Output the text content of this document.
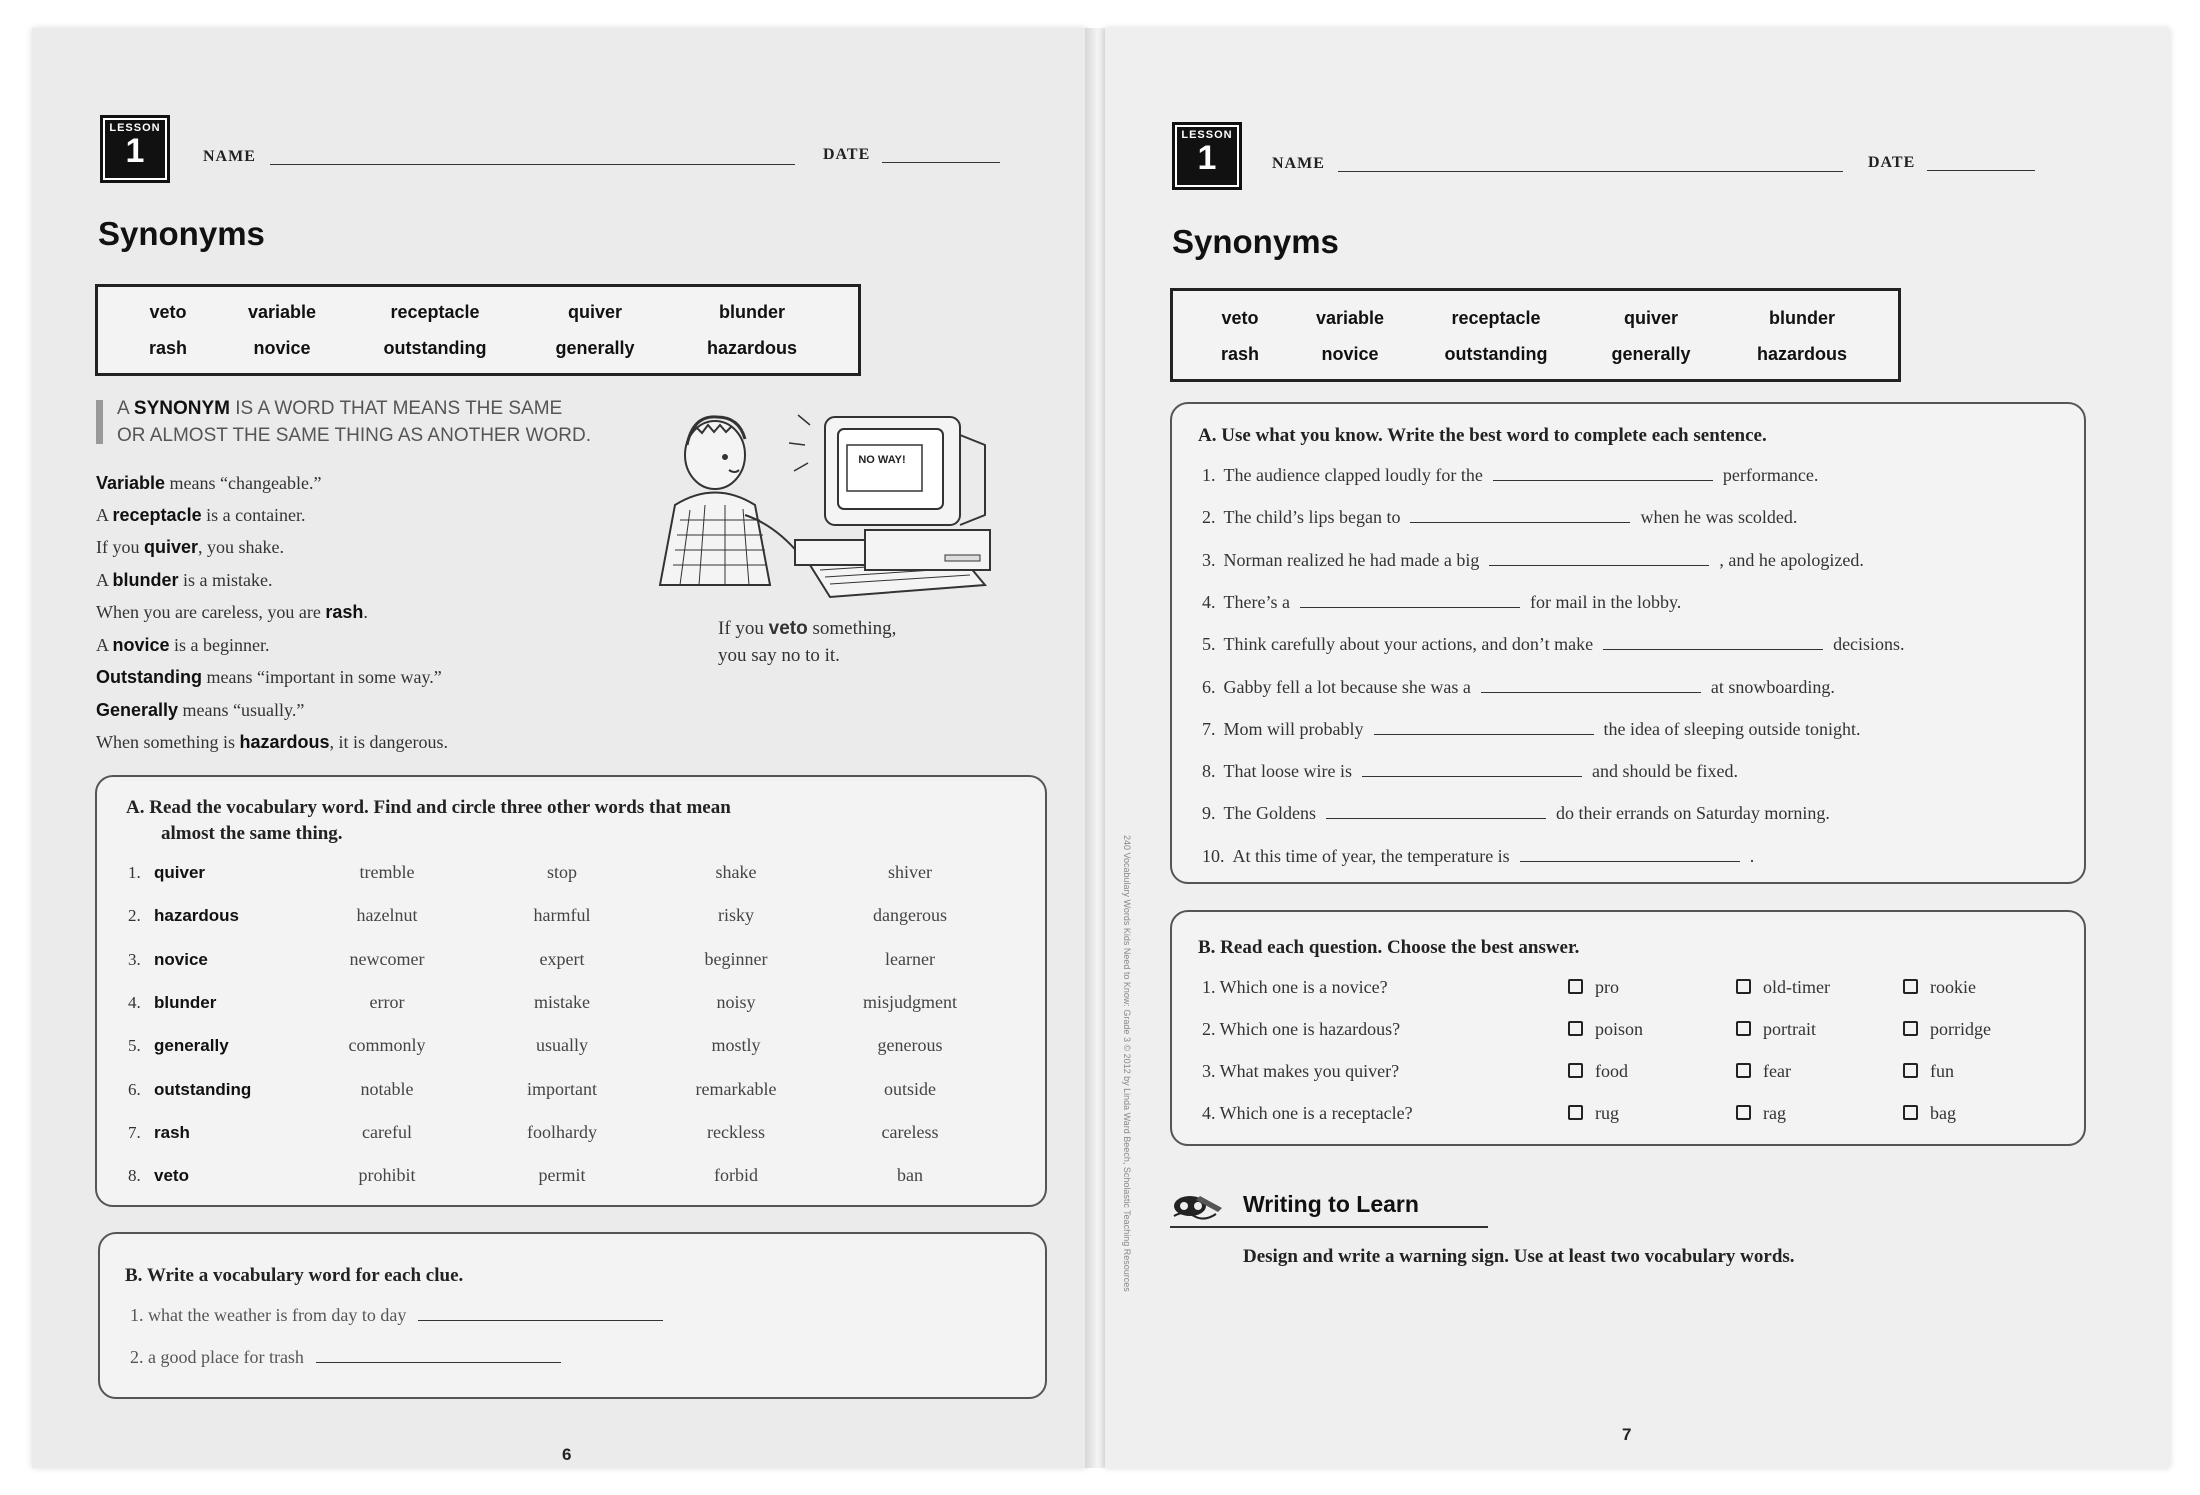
LESSON
1	NAME	DATE
Synonyms
veto	variable	receptacle	quiver	blunder
rash	novice	outstanding	generally	hazardous
A SYNONYM IS A WORD THAT MEANS THE SAME
OR ALMOST THE SAME THING AS ANOTHER WORD.
Variable means “changeable.”
A receptacle is a container.
If you quiver, you shake.
A blunder is a mistake.
When you are careless, you are rash.
A novice is a beginner.
Outstanding means “important in some way.”
Generally means “usually.”
When something is hazardous, it is dangerous.
NO WAY!
If you veto something,
you say no to it.
A. Read the vocabulary word. Find and circle three other words that mean
almost the same thing.
1. quiver	tremble	stop	shake	shiver
2. hazardous	hazelnut	harmful	risky	dangerous
3. novice	newcomer	expert	beginner	learner
4. blunder	error	mistake	noisy	misjudgment
5. generally	commonly	usually	mostly	generous
6. outstanding	notable	important	remarkable	outside
7. rash	careful	foolhardy	reckless	careless
8. veto	prohibit	permit	forbid	ban
B. Write a vocabulary word for each clue.
1. what the weather is from day to day
2. a good place for trash
6
240 Vocabulary Words Kids Need to Know: Grade 3 © 2012 by Linda Ward Beech, Scholastic Teaching Resources
LESSON
1	NAME	DATE
Synonyms
veto	variable	receptacle	quiver	blunder
rash	novice	outstanding	generally	hazardous
A. Use what you know. Write the best word to complete each sentence.
1. The audience clapped loudly for the	performance.
2. The child’s lips began to	when he was scolded.
3. Norman realized he had made a big	, and he apologized.
4. There’s a	for mail in the lobby.
5. Think carefully about your actions, and don’t make	decisions.
6. Gabby fell a lot because she was a	at snowboarding.
7. Mom will probably	the idea of sleeping outside tonight.
8. That loose wire is	and should be fixed.
9. The Goldens	do their errands on Saturday morning.
10. At this time of year, the temperature is	.
B. Read each question. Choose the best answer.
1. Which one is a novice?	pro	old-timer	rookie
2. Which one is hazardous?	poison	portrait	porridge
3. What makes you quiver?	food	fear	fun
4. Which one is a receptacle?	rug	rag	bag
Writing to Learn
Design and write a warning sign. Use at least two vocabulary words.
7
